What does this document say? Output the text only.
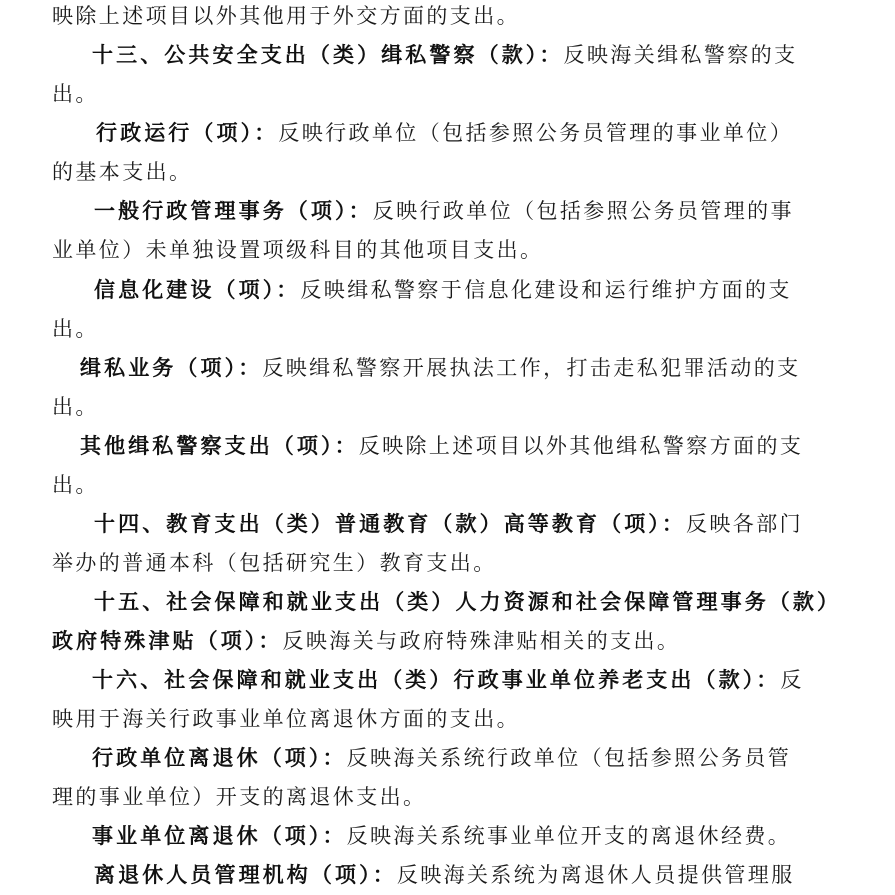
映除上述项目以外其他用于外交方面的支出。
十三、公共安全支出（类）缉私警察（款）：反映海关缉私警察的支
出。
行政运行（项）：反映行政单位（包括参照公务员管理的事业单位）
的基本支出。
一般行政管理事务（项）：反映行政单位（包括参照公务员管理的事
业单位）未单独设置项级科目的其他项目支出。
信息化建设（项）：反映缉私警察于信息化建设和运行维护方面的支
出。
缉私业务（项）：反映缉私警察开展执法工作，打击走私犯罪活动的支
出。
其他缉私警察支出（项）：反映除上述项目以外其他缉私警察方面的支
出。
十四、教育支出（类）普通教育（款）高等教育（项）：反映各部门
举办的普通本科（包括研究生）教育支出。
十五、社会保障和就业支出（类）人力资源和社会保障管理事务（款）
政府特殊津贴（项）：反映海关与政府特殊津贴相关的支出。
十六、社会保障和就业支出（类）行政事业单位养老支出（款）：反
映用于海关行政事业单位离退休方面的支出。
行政单位离退休（项）：反映海关系统行政单位（包括参照公务员管
理的事业单位）开支的离退休支出。
事业单位离退休（项）：反映海关系统事业单位开支的离退休经费。
离退休人员管理机构（项）：反映海关系统为离退休人员提供管理服
